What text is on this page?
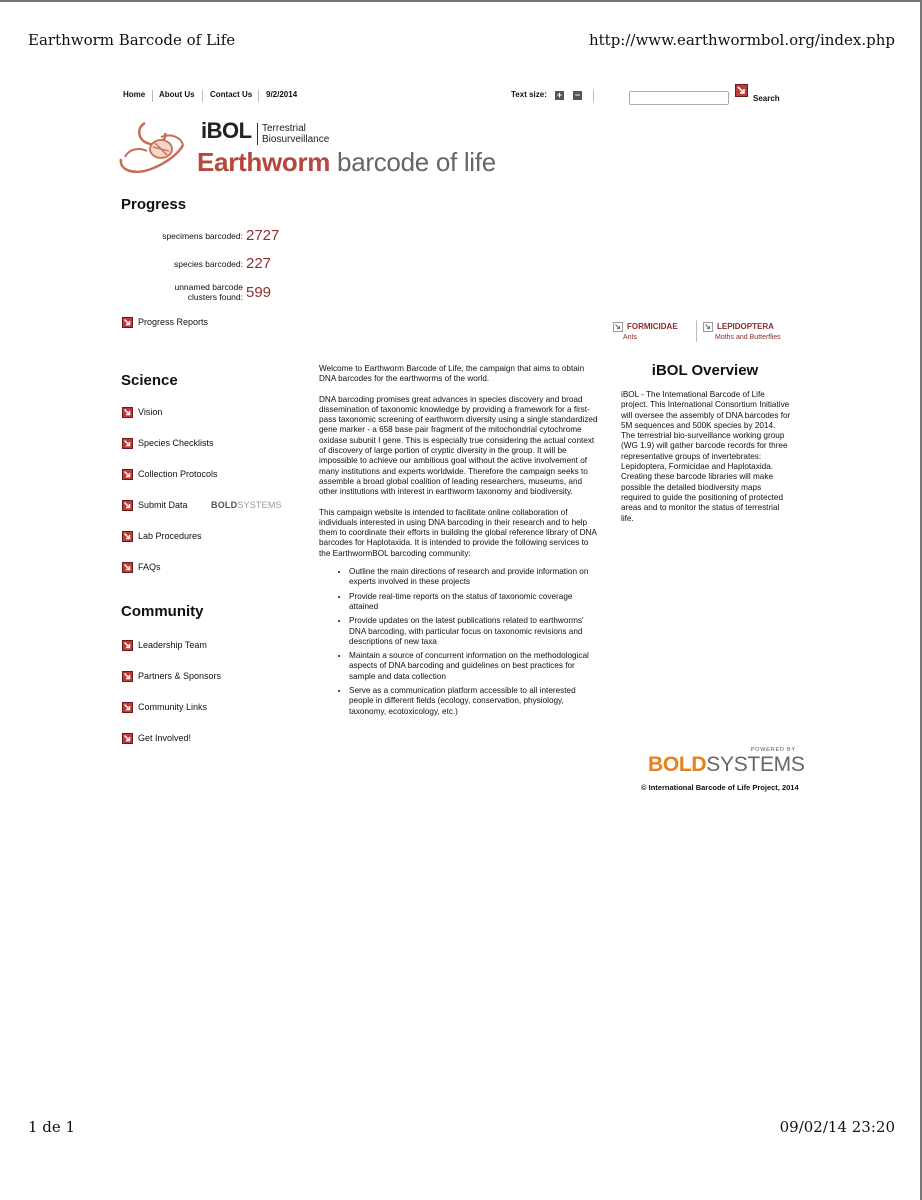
Earthworm Barcode of Life	http://www.earthwormbol.org/index.php
Home About Us Contact Us 9/2/2014	Text size: + −	Search
iBOL Terrestrial
Biosurveillance
Earthworm barcode of life
Progress
specimens barcoded: 2727
species barcoded: 227
unnamed barcode
clusters found: 599
Progress Reports	FORMICIDAE
Ants
LEPIDOPTERA
Moths and Butterflies
Science
Vision
Species Checklists
Collection Protocols
Submit Data	BOLDSYSTEMS
Lab Procedures
FAQs
Community
Leadership Team
Partners & Sponsors
Community Links
Get Involved!

Welcome to Earthworm Barcode of Life, the campaign that aims to obtain DNA barcodes for the earthworms of the world.

DNA barcoding promises great advances in species discovery and broad dissemination of taxonomic knowledge by providing a framework for a first-pass taxonomic screening of earthworm diversity using a single standardized gene marker - a 658 base pair fragment of the mitochondrial cytochrome oxidase subunit I gene. This is especially true considering the actual context of discovery of large portion of cryptic diversity in the group. It will be impossible to achieve our ambitious goal without the active involvement of many institutions and experts worldwide. Therefore the campaign seeks to assemble a broad global coalition of leading researchers, museums, and other institutions with interest in earthworm taxonomy and biodiversity.

This campaign website is intended to facilitate online collaboration of individuals interested in using DNA barcoding in their research and to help them to coordinate their efforts in building the global reference library of DNA barcodes for Haplotaxida. It is intended to provide the following services to the EarthwormBOL barcoding community:

• Outline the main directions of research and provide information on experts involved in these projects
• Provide real-time reports on the status of taxonomic coverage attained
• Provide updates on the latest publications related to earthworms' DNA barcoding, with particular focus on taxonomic revisions and descriptions of new taxa
• Maintain a source of concurrent information on the methodological aspects of DNA barcoding and guidelines on best practices for sample and data collection
• Serve as a communication platform accessible to all interested people in different fields (ecology, conservation, physiology, taxonomy, ecotoxicology, etc.)
iBOL Overview

iBOL - The International Barcode of Life project. This International Consortium Initiative will oversee the assembly of DNA barcodes for 5M sequences and 500K species by 2014. The terrestrial bio-surveillance working group (WG 1.9) will gather barcode records for three representative groups of invertebrates: Lepidoptera, Formicidae and Haplotaxida. Creating these barcode libraries will make possible the detailed biodiversity maps required to guide the positioning of protected areas and to monitor the status of terrestrial life.

POWERED BY
BOLDSYSTEMS
© International Barcode of Life Project, 2014
1 de 1	09/02/14 23:20
